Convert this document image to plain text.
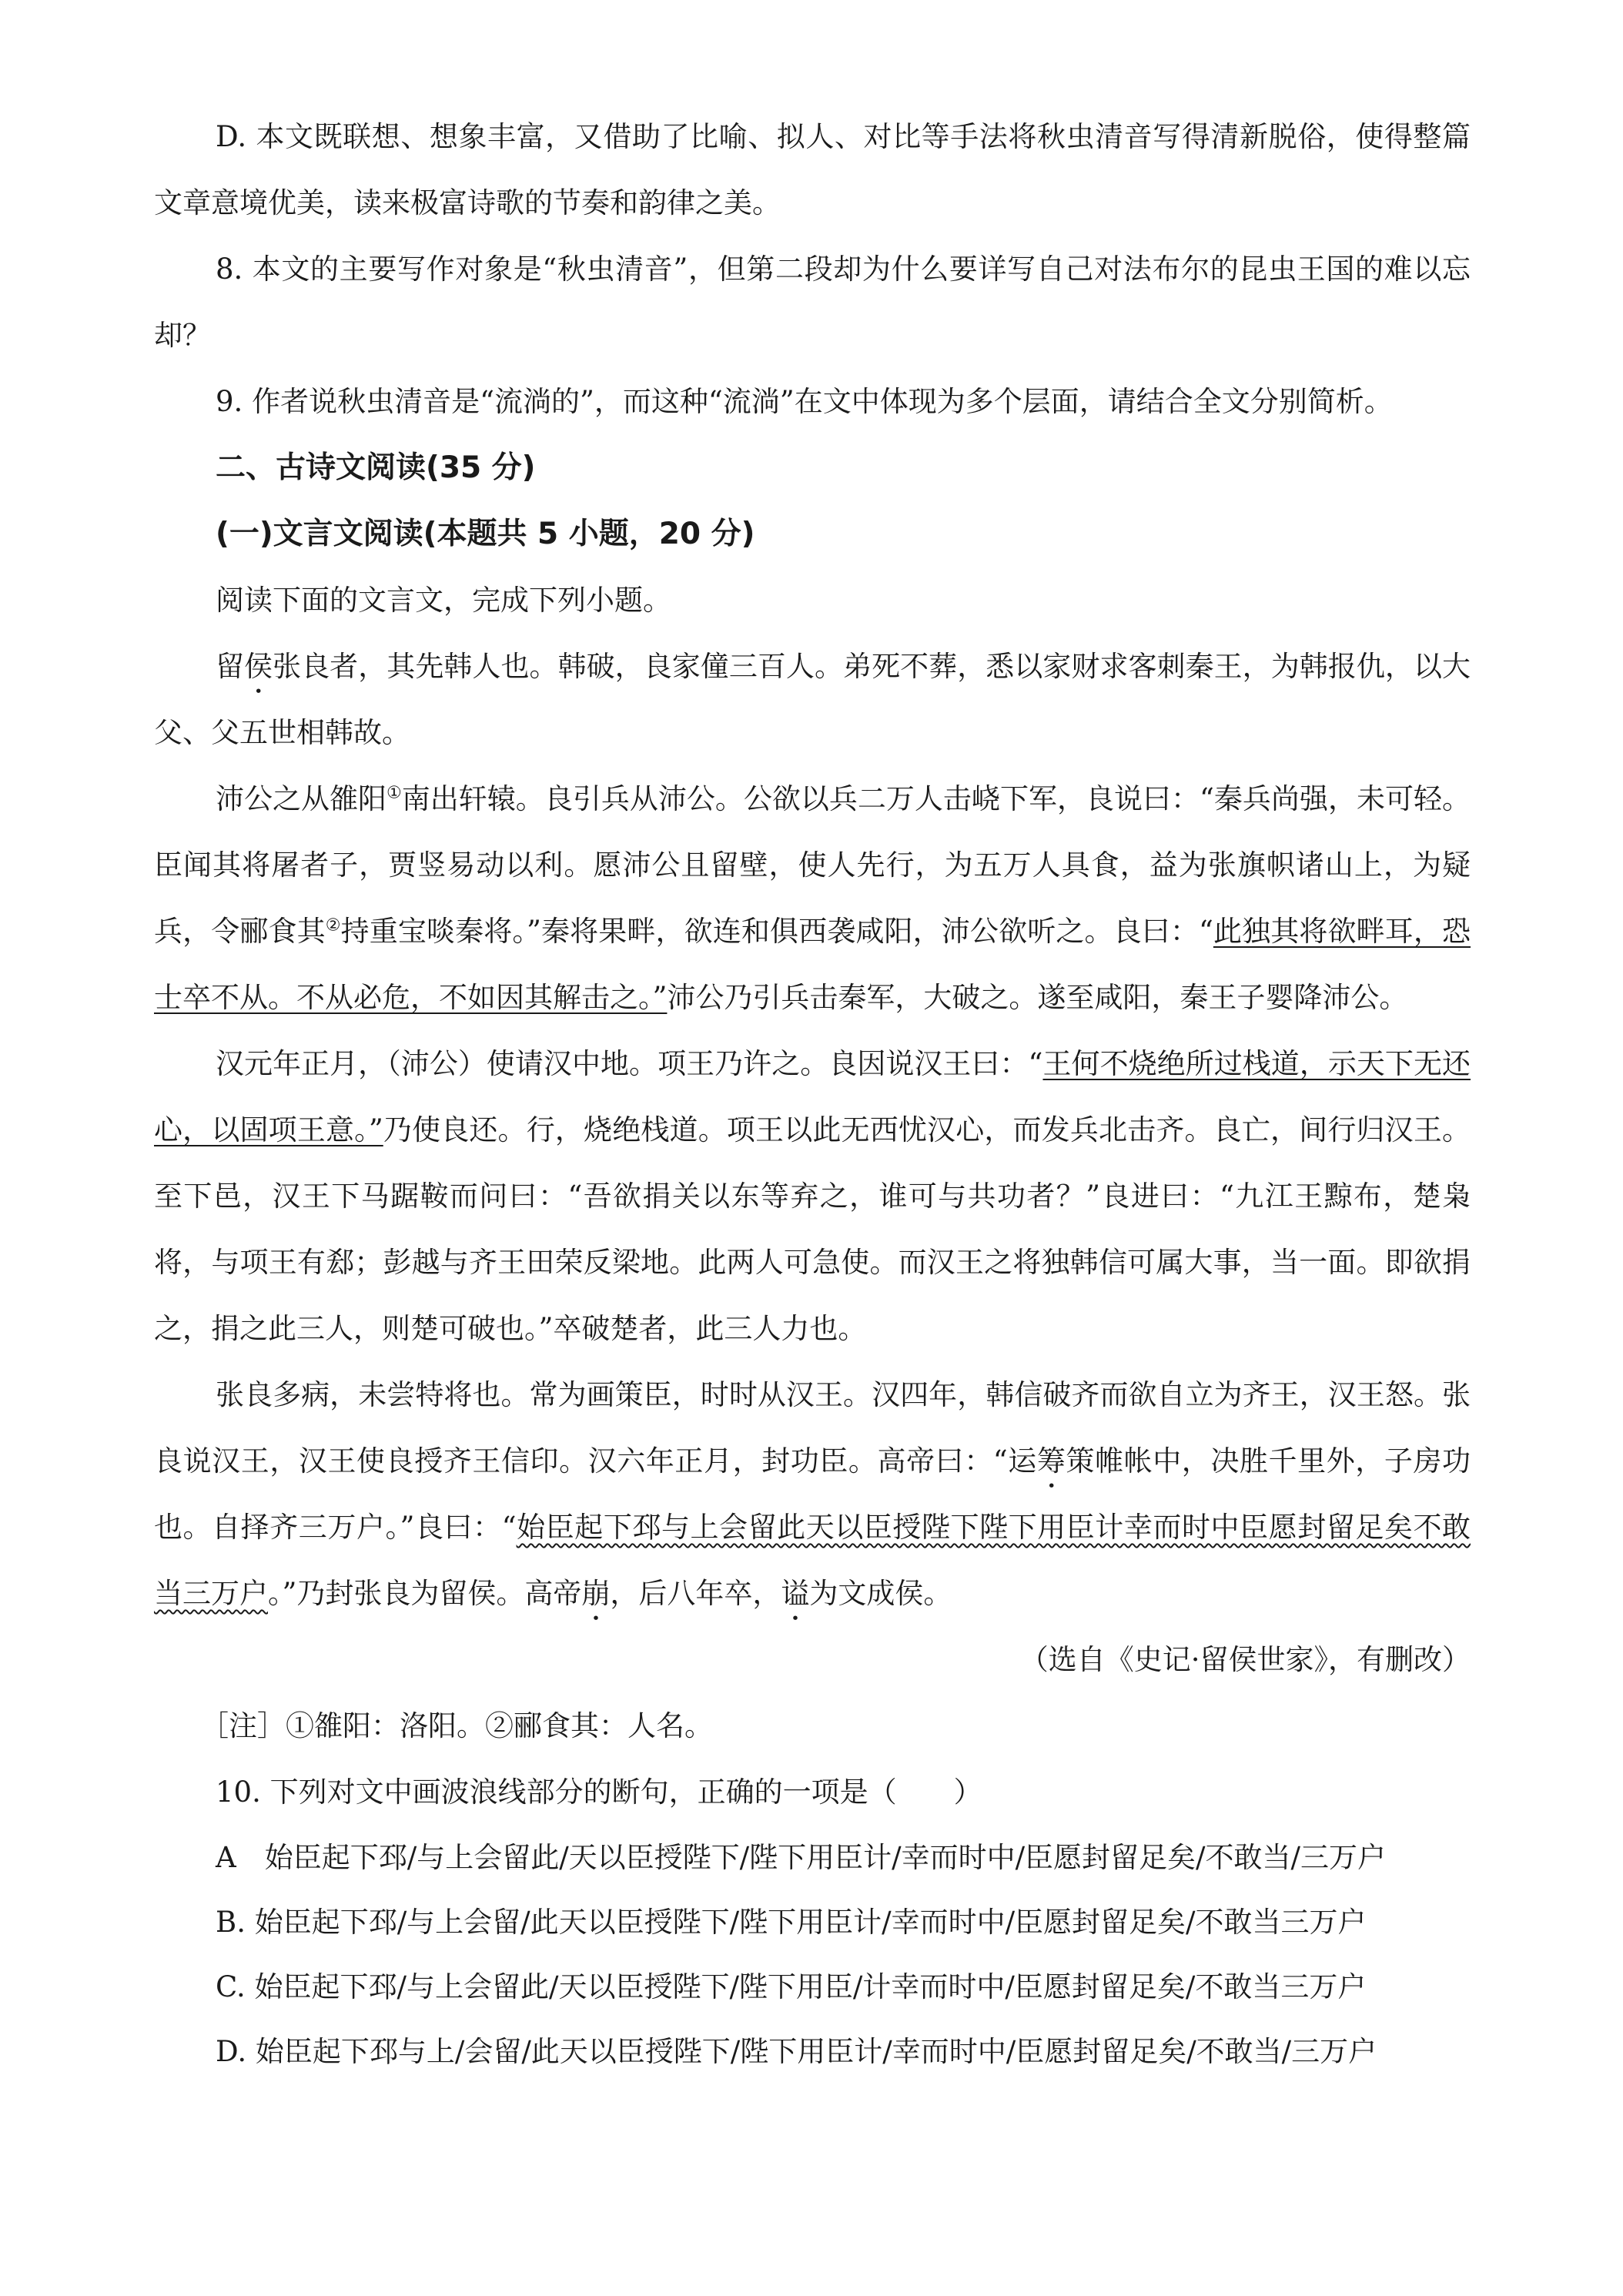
D. 本文既联想、想象丰富，又借助了比喻、拟人、对比等手法将秋虫清音写得清新脱俗，使得整篇文章意境优美，读来极富诗歌的节奏和韵律之美。

8. 本文的主要写作对象是“秋虫清音”，但第二段却为什么要详写自己对法布尔的昆虫王国的难以忘却？

9. 作者说秋虫清音是“流淌的”，而这种“流淌”在文中体现为多个层面，请结合全文分别简析。

二、古诗文阅读(35 分)

(一)文言文阅读(本题共 5 小题，20 分)

阅读下面的文言文，完成下列小题。

留侯张良者，其先韩人也。韩破，良家僮三百人。弟死不葬，悉以家财求客刺秦王，为韩报仇，以大父、父五世相韩故。

沛公之从雒阳①南出轩辕。良引兵从沛公。公欲以兵二万人击峣下军，良说曰：“秦兵尚强，未可轻。臣闻其将屠者子，贾竖易动以利。愿沛公且留壁，使人先行，为五万人具食，益为张旗帜诸山上，为疑兵，令郦食其②持重宝啖秦将。”秦将果畔，欲连和俱西袭咸阳，沛公欲听之。良曰：“此独其将欲畔耳，恐士卒不从。不从必危，不如因其解击之。”沛公乃引兵击秦军，大破之。遂至咸阳，秦王子婴降沛公。

汉元年正月，（沛公）使请汉中地。项王乃许之。良因说汉王曰：“王何不烧绝所过栈道，示天下无还心，以固项王意。”乃使良还。行，烧绝栈道。项王以此无西忧汉心，而发兵北击齐。良亡，间行归汉王。至下邑，汉王下马踞鞍而问曰：“吾欲捐关以东等弃之，谁可与共功者？”良进曰：“九江王黥布，楚枭将，与项王有郄；彭越与齐王田荣反梁地。此两人可急使。而汉王之将独韩信可属大事，当一面。即欲捐之，捐之此三人，则楚可破也。”卒破楚者，此三人力也。

张良多病，未尝特将也。常为画策臣，时时从汉王。汉四年，韩信破齐而欲自立为齐王，汉王怒。张良说汉王，汉王使良授齐王信印。汉六年正月，封功臣。高帝曰：“运筹策帷帐中，决胜千里外，子房功也。自择齐三万户。”良曰：“始臣起下邳与上会留此天以臣授陛下陛下用臣计幸而时中臣愿封留足矣不敢当三万户。”乃封张良为留侯。高帝崩，后八年卒，谥为文成侯。

（选自《史记·留侯世家》，有删改）

［注］①雒阳：洛阳。②郦食其：人名。

10. 下列对文中画波浪线部分的断句，正确的一项是（　　）

A　始臣起下邳/与上会留此/天以臣授陛下/陛下用臣计/幸而时中/臣愿封留足矣/不敢当/三万户

B. 始臣起下邳/与上会留/此天以臣授陛下/陛下用臣计/幸而时中/臣愿封留足矣/不敢当三万户

C. 始臣起下邳/与上会留此/天以臣授陛下/陛下用臣/计幸而时中/臣愿封留足矣/不敢当三万户

D. 始臣起下邳与上/会留/此天以臣授陛下/陛下用臣计/幸而时中/臣愿封留足矣/不敢当/三万户
